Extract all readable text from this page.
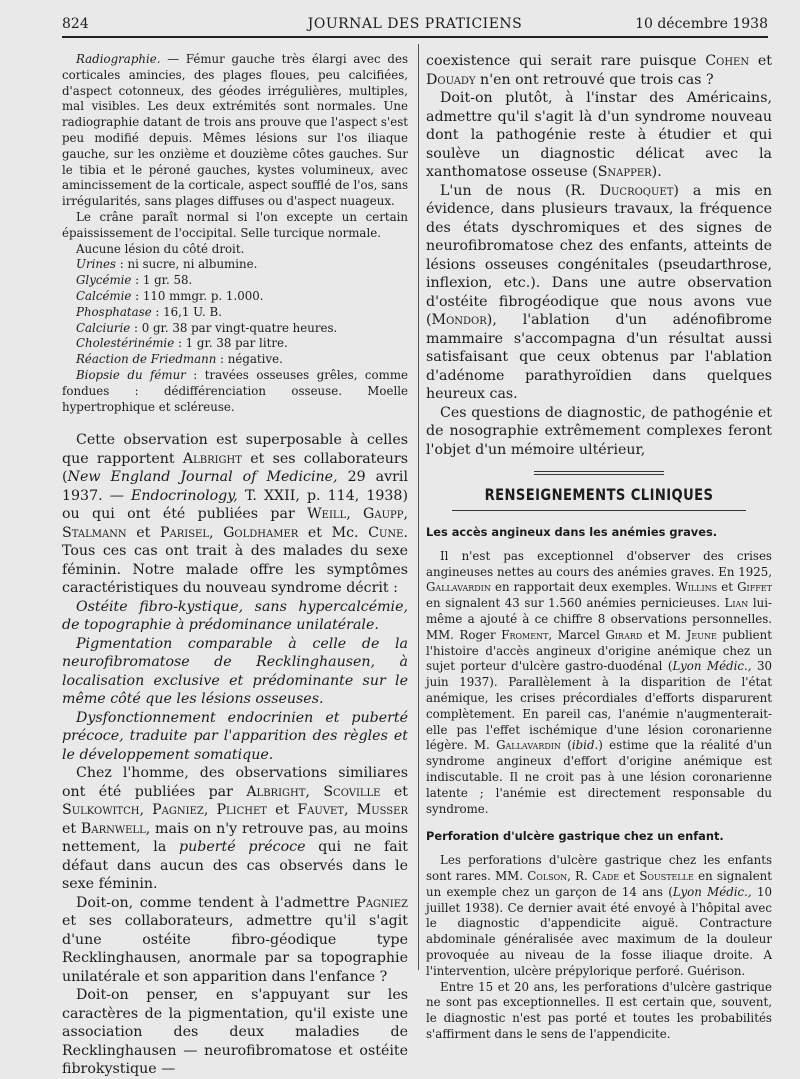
824	JOURNAL DES PRATICIENS	10 décembre 1938

Radiographie. — Fémur gauche très élargi avec des corticales amincies, des plages floues, peu calcifiées, d'aspect cotonneux, des géodes irrégulières, multiples, mal visibles. Les deux extrémités sont normales. Une radiographie datant de trois ans prouve que l'aspect s'est peu modifié depuis. Mêmes lésions sur l'os iliaque gauche, sur les onzième et douzième côtes gauches. Sur le tibia et le péroné gauches, kystes volumineux, avec amincissement de la corticale, aspect soufflé de l'os, sans irrégularités, sans plages diffuses ou d'aspect nuageux.

Le crâne paraît normal si l'on excepte un certain épaississement de l'occipital. Selle turcique normale.

Aucune lésion du côté droit.

Urines : ni sucre, ni albumine.

Glycémie : 1 gr. 58.

Calcémie : 110 mmgr. p. 1.000.

Phosphatase : 16,1 U. B.

Calciurie : 0 gr. 38 par vingt-quatre heures.

Cholestérinémie : 1 gr. 38 par litre.

Réaction de Friedmann : négative.

Biopsie du fémur : travées osseuses grêles, comme fondues : dédifférenciation osseuse. Moelle hypertrophique et scléreuse.

Cette observation est superposable à celles que rapportent Albright et ses collaborateurs (New England Journal of Medicine, 29 avril 1937. — Endocrinology, T. XXII, p. 114, 1938) ou qui ont été publiées par Weill, Gaupp, Stalmann et Parisel, Goldhamer et Mc. Cune. Tous ces cas ont trait à des malades du sexe féminin. Notre malade offre les symptômes caractéristiques du nouveau syndrome décrit :

Ostéite fibro-kystique, sans hypercalcémie, de topographie à prédominance unilatérale.

Pigmentation comparable à celle de la neurofibromatose de Recklinghausen, à localisation exclusive et prédominante sur le même côté que les lésions osseuses.

Dysfonctionnement endocrinien et puberté précoce, traduite par l'apparition des règles et le développement somatique.

Chez l'homme, des observations similiares ont été publiées par Albright, Scoville et Sulkowitch, Pagniez, Plichet et Fauvet, Musser et Barnwell, mais on n'y retrouve pas, au moins nettement, la puberté précoce qui ne fait défaut dans aucun des cas observés dans le sexe féminin.

Doit-on, comme tendent à l'admettre Pagniez et ses collaborateurs, admettre qu'il s'agit d'une ostéite fibro-géodique type Recklinghausen, anormale par sa topographie unilatérale et son apparition dans l'enfance ?

Doit-on penser, en s'appuyant sur les caractères de la pigmentation, qu'il existe une association des deux maladies de Recklinghausen — neurofibromatose et ostéite fibrokystique —

coexistence qui serait rare puisque Cohen et Douady n'en ont retrouvé que trois cas ?

Doit-on plutôt, à l'instar des Américains, admettre qu'il s'agit là d'un syndrome nouveau dont la pathogénie reste à étudier et qui soulève un diagnostic délicat avec la xanthomatose osseuse (Snapper).

L'un de nous (R. Ducroquet) a mis en évidence, dans plusieurs travaux, la fréquence des états dyschromiques et des signes de neurofibromatose chez des enfants, atteints de lésions osseuses congénitales (pseudarthrose, inflexion, etc.). Dans une autre observation d'ostéite fibrogéodique que nous avons vue (Mondor), l'ablation d'un adénofibrome mammaire s'accompagna d'un résultat aussi satisfaisant que ceux obtenus par l'ablation d'adénome parathyroïdien dans quelques heureux cas.

Ces questions de diagnostic, de pathogénie et de nosographie extrêmement complexes feront l'objet d'un mémoire ultérieur,

RENSEIGNEMENTS CLINIQUES
Les accès angineux dans les anémies graves.

Il n'est pas exceptionnel d'observer des crises angineuses nettes au cours des anémies graves. En 1925, Gallavardin en rapportait deux exemples. Willins et Giffet en signalent 43 sur 1.560 anémies pernicieuses. Lian lui-même a ajouté à ce chiffre 8 observations personnelles. MM. Roger Froment, Marcel Girard et M. Jeune publient l'histoire d'accès angineux d'origine anémique chez un sujet porteur d'ulcère gastro-duodénal (Lyon Médic., 30 juin 1937). Parallèlement à la disparition de l'état anémique, les crises précordiales d'efforts disparurent complètement. En pareil cas, l'anémie n'augmenterait-elle pas l'effet ischémique d'une lésion coronarienne légère. M. Gallavardin (ibid.) estime que la réalité d'un syndrome angineux d'effort d'origine anémique est indiscutable. Il ne croit pas à une lésion coronarienne latente ; l'anémie est directement responsable du syndrome.

Perforation d'ulcère gastrique chez un enfant.

Les perforations d'ulcère gastrique chez les enfants sont rares. MM. Colson, R. Cade et Soustelle en signalent un exemple chez un garçon de 14 ans (Lyon Médic., 10 juillet 1938). Ce dernier avait été envoyé à l'hôpital avec le diagnostic d'appendicite aiguë. Contracture abdominale généralisée avec maximum de la douleur provoquée au niveau de la fosse iliaque droite. A l'intervention, ulcère prépylorique perforé. Guérison.

Entre 15 et 20 ans, les perforations d'ulcère gastrique ne sont pas exceptionnelles. Il est certain que, souvent, le diagnostic n'est pas porté et toutes les probabilités s'affirment dans le sens de l'appendicite.
